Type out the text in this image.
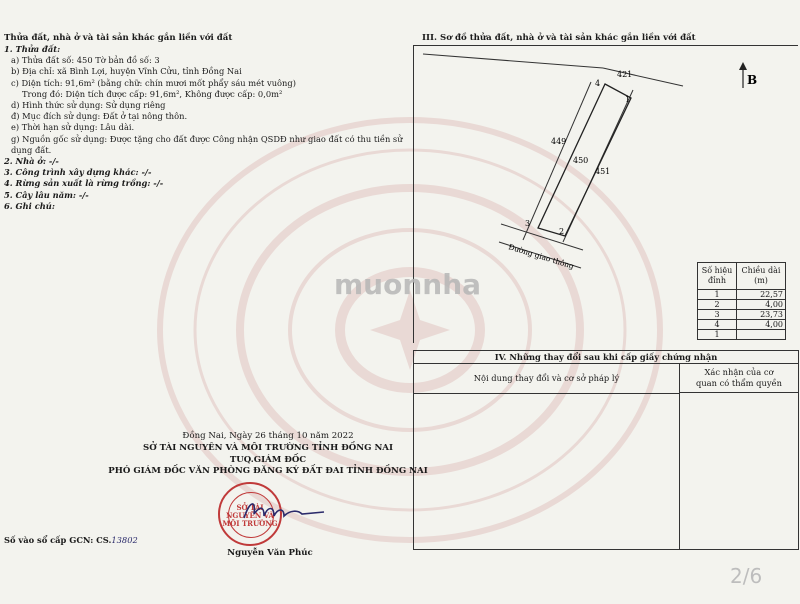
Thửa đất, nhà ở và tài sản khác gắn liền với đất
1. Thửa đất:
a) Thửa đất số: 450 Tờ bản đồ số: 3
b) Địa chỉ: xã Bình Lợi, huyện Vĩnh Cửu, tỉnh Đồng Nai
c) Diện tích: 91,6m² (bằng chữ: chín mươi mốt phẩy sáu mét vuông)
Trong đó: Diện tích được cấp: 91,6m², Không được cấp: 0,0m²
d) Hình thức sử dụng: Sử dụng riêng
đ) Mục đích sử dụng: Đất ở tại nông thôn.
e) Thời hạn sử dụng: Lâu dài.
g) Nguồn gốc sử dụng: Được tặng cho đất được Công nhận QSDĐ như giao đất có thu tiền sử dụng đất.
2. Nhà ở: -/-
3. Công trình xây dựng khác: -/-
4. Rừng sản xuất là rừng trồng: -/-
5. Cây lâu năm: -/-
6. Ghi chú:
III. Sơ đồ thửa đất, nhà ở và tài sản khác gắn liền với đất
Đường giao thông
421
449
450
451
1
2
3
4	B
Số hiệu đỉnh	Chiều dài (m)
1	22,57
2	4,00
3	23,73
4	4,00
1	
IV. Những thay đổi sau khi cấp giấy chứng nhận
Nội dung thay đổi và cơ sở pháp lý
Xác nhận của cơ
quan có thẩm quyền
Đồng Nai, Ngày 26 tháng 10 năm 2022
SỞ TÀI NGUYÊN VÀ MÔI TRƯỜNG TỈNH ĐỒNG NAI
TUQ.GIÁM ĐỐC
PHÓ GIÁM ĐỐC VĂN PHÒNG ĐĂNG KÝ ĐẤT ĐAI TỈNH ĐỒNG NAI
SỞ TÀI NGUYÊN VÀ MÔI TRƯỜNG
Nguyễn Văn Phúc
Số vào sổ cấp GCN: CS.13802
muonnha
2/6
